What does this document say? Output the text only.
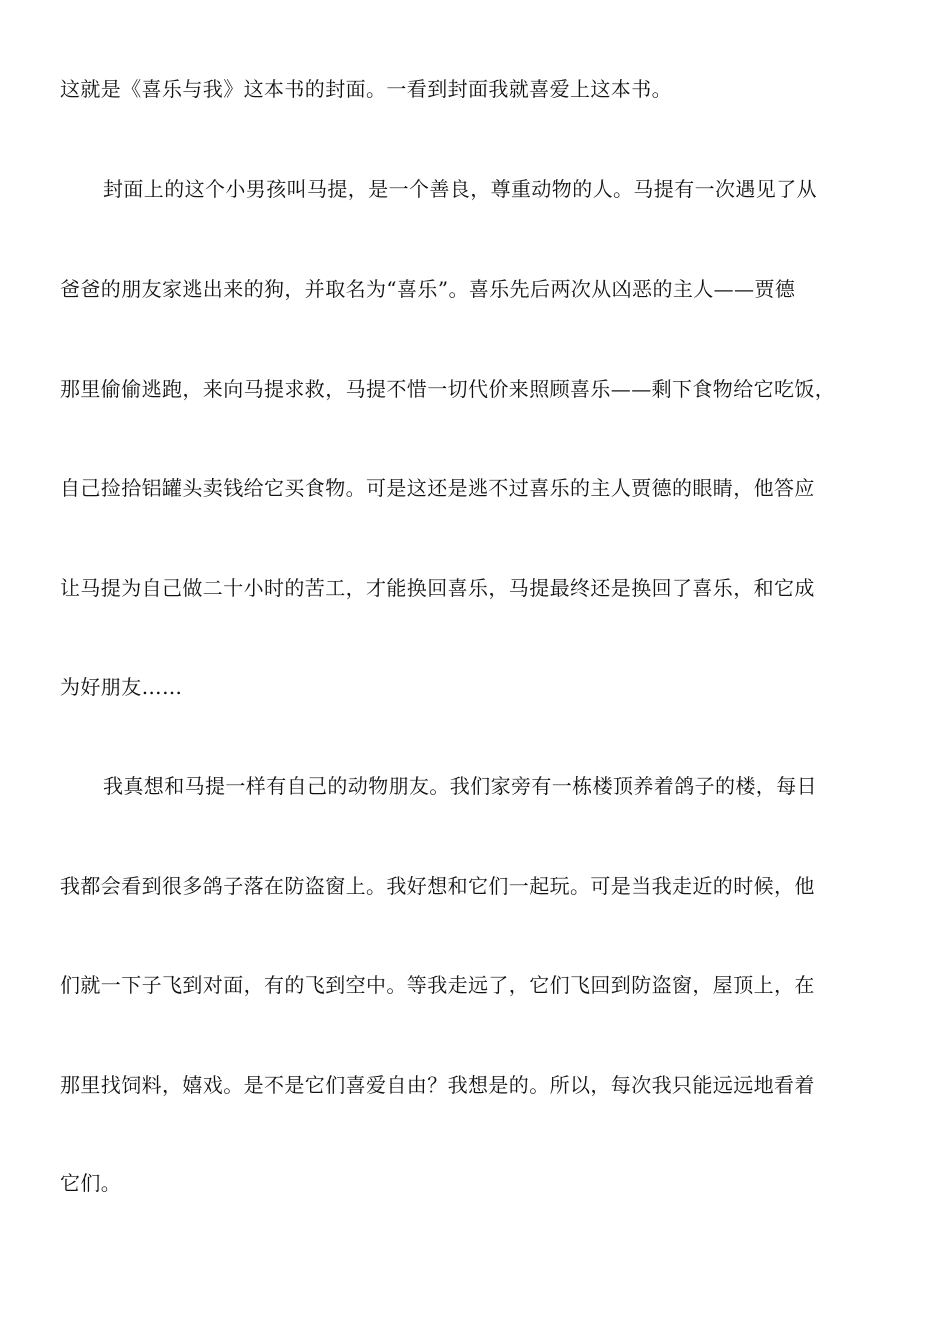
这就是《喜乐与我》这本书的封面。一看到封面我就喜爱上这本书。
封面上的这个小男孩叫马提，是一个善良，尊重动物的人。马提有一次遇见了从
爸爸的朋友家逃出来的狗，并取名为“喜乐”。喜乐先后两次从凶恶的主人——贾德
那里偷偷逃跑，来向马提求救，马提不惜一切代价来照顾喜乐——剩下食物给它吃饭，
自己捡拾铝罐头卖钱给它买食物。可是这还是逃不过喜乐的主人贾德的眼睛，他答应
让马提为自己做二十小时的苦工，才能换回喜乐，马提最终还是换回了喜乐，和它成
为好朋友……
我真想和马提一样有自己的动物朋友。我们家旁有一栋楼顶养着鸽子的楼，每日
我都会看到很多鸽子落在防盗窗上。我好想和它们一起玩。可是当我走近的时候，他
们就一下子飞到对面，有的飞到空中。等我走远了，它们飞回到防盗窗，屋顶上，在
那里找饲料，嬉戏。是不是它们喜爱自由？我想是的。所以，每次我只能远远地看着
它们。
